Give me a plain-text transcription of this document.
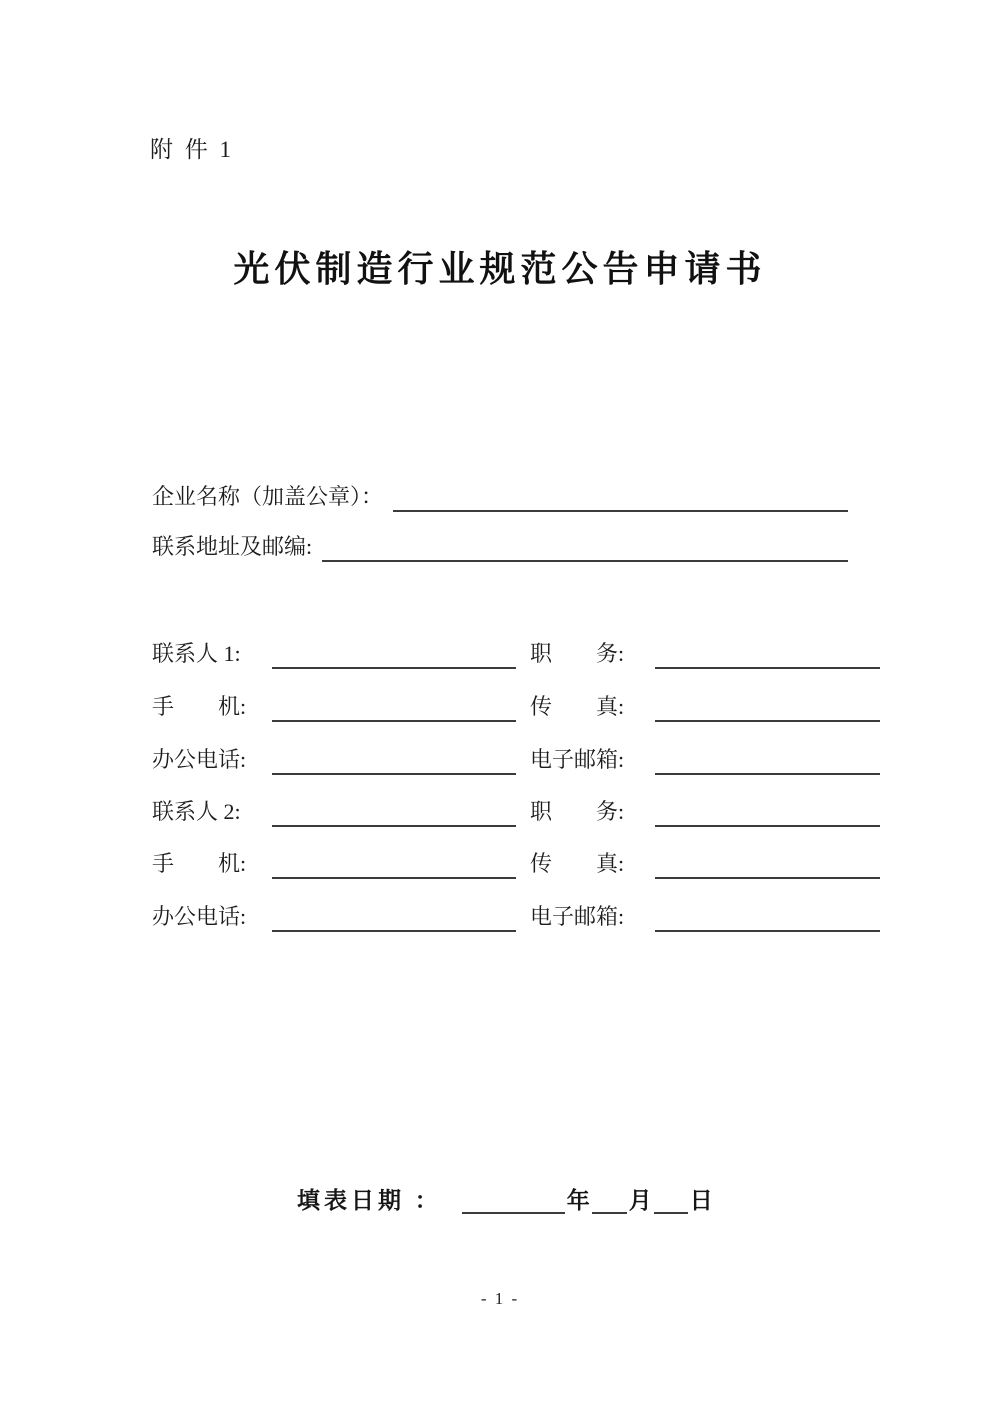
附 件 1
光伏制造行业规范公告申请书
企业名称（加盖公章）：
联系地址及邮编:
联系人 1:	职　　务:
手　　机:	传　　真:
办公电话:	电子邮箱:
联系人 2:	职　　务:
手　　机:	传　　真:
办公电话:	电子邮箱:
填表日期 ：	年 月 日
- 1 -
